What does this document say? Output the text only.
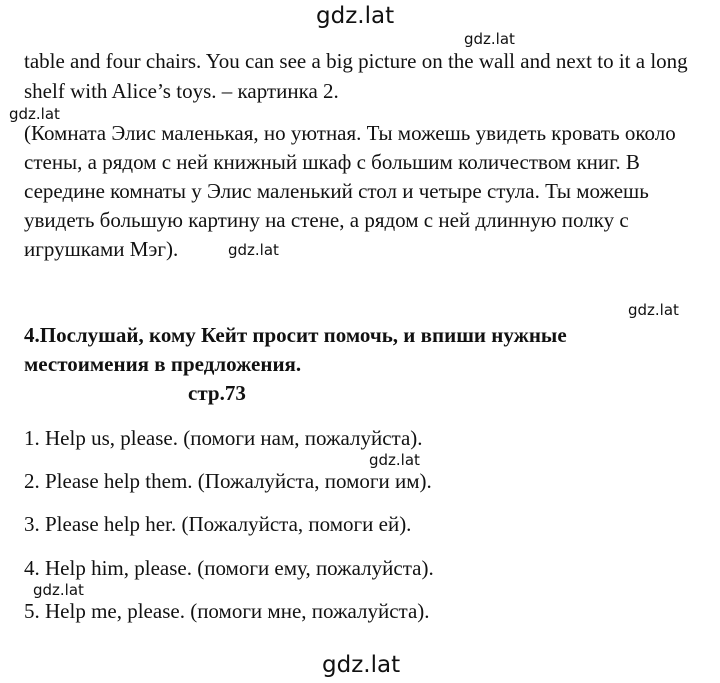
gdz.lat
gdz.lat
gdz.lat
gdz.lat
gdz.lat
gdz.lat
gdz.lat
gdz.lat
table and four chairs. You can see a big picture on the wall and next to it a long
shelf with Alice’s toys. – картинка 2.
(Комната Элис маленькая, но уютная. Ты можешь увидеть кровать около
стены, а рядом с ней книжный шкаф с большим количеством книг. В
середине комнаты у Элис маленький стол и четыре стула. Ты можешь
увидеть большую картину на стене, а рядом с ней длинную полку с
игрушками Мэг).
4.Послушай, кому Кейт просит помочь, и впиши нужные
местоимения в предложения.
стр.73
1. Help us, please. (помоги нам, пожалуйста).
2. Please help them. (Пожалуйста, помоги им).
3. Please help her. (Пожалуйста, помоги ей).
4. Help him, please. (помоги ему, пожалуйста).
5. Help me, please. (помоги мне, пожалуйста).
